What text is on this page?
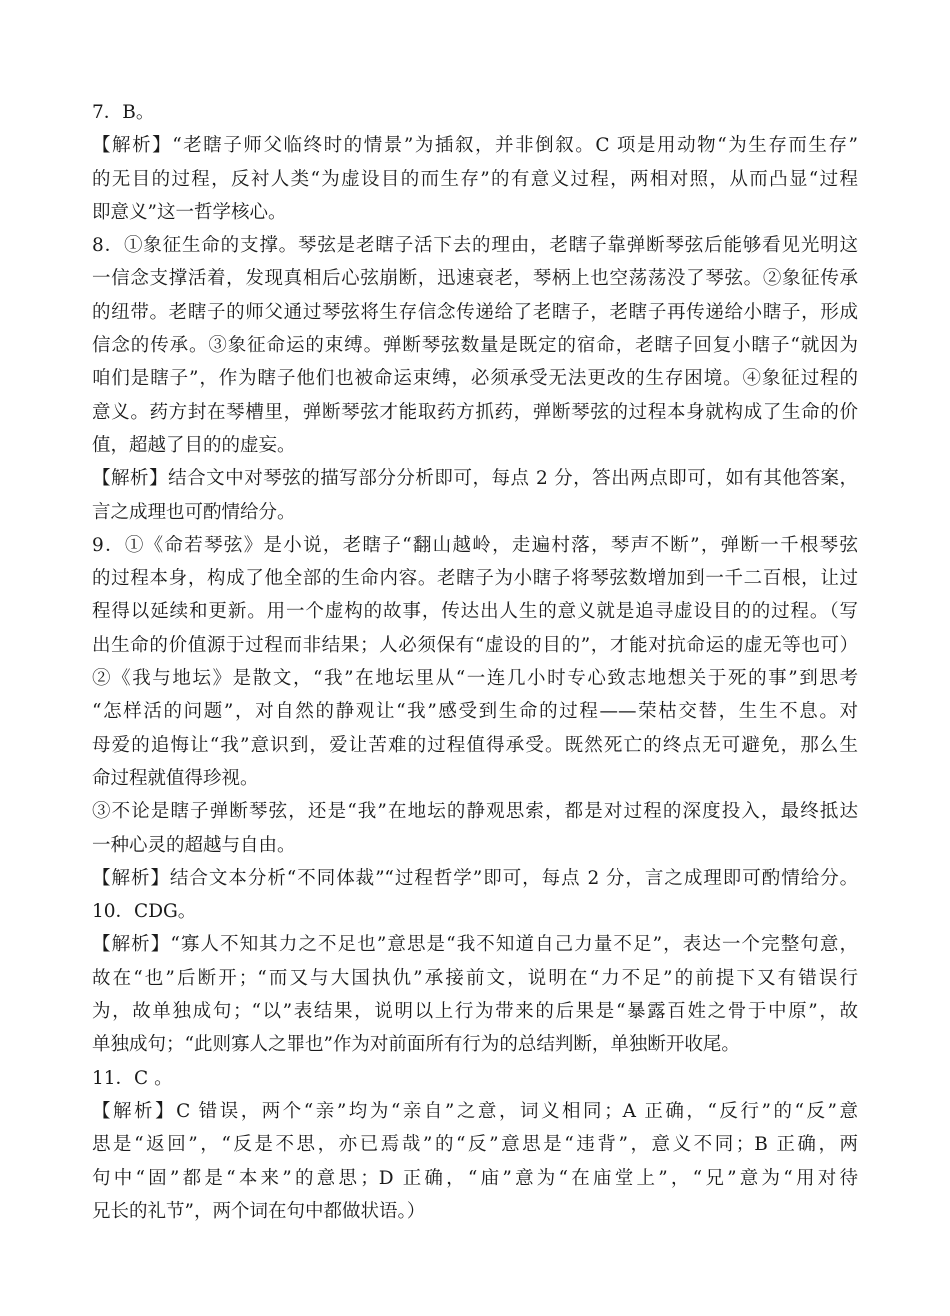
7．B。
【解析】“老瞎子师父临终时的情景”为插叙，并非倒叙。C 项是用动物“为生存而生存”
的无目的过程，反衬人类“为虚设目的而生存”的有意义过程，两相对照，从而凸显“过程
即意义”这一哲学核心。
8．①象征生命的支撑。琴弦是老瞎子活下去的理由，老瞎子靠弹断琴弦后能够看见光明这
一信念支撑活着，发现真相后心弦崩断，迅速衰老，琴柄上也空荡荡没了琴弦。②象征传承
的纽带。老瞎子的师父通过琴弦将生存信念传递给了老瞎子，老瞎子再传递给小瞎子，形成
信念的传承。③象征命运的束缚。弹断琴弦数量是既定的宿命，老瞎子回复小瞎子“就因为
咱们是瞎子”，作为瞎子他们也被命运束缚，必须承受无法更改的生存困境。④象征过程的
意义。药方封在琴槽里，弹断琴弦才能取药方抓药，弹断琴弦的过程本身就构成了生命的价
值，超越了目的的虚妄。
【解析】结合文中对琴弦的描写部分分析即可，每点 2 分，答出两点即可，如有其他答案，
言之成理也可酌情给分。
9．①《命若琴弦》是小说，老瞎子“翻山越岭，走遍村落，琴声不断”，弹断一千根琴弦
的过程本身，构成了他全部的生命内容。老瞎子为小瞎子将琴弦数增加到一千二百根，让过
程得以延续和更新。用一个虚构的故事，传达出人生的意义就是追寻虚设目的的过程。（写
出生命的价值源于过程而非结果；人必须保有“虚设的目的”，才能对抗命运的虚无等也可）
②《我与地坛》是散文，“我”在地坛里从“一连几小时专心致志地想关于死的事”到思考
“怎样活的问题”，对自然的静观让“我”感受到生命的过程——荣枯交替，生生不息。对
母爱的追悔让“我”意识到，爱让苦难的过程值得承受。既然死亡的终点无可避免，那么生
命过程就值得珍视。
③不论是瞎子弹断琴弦，还是“我”在地坛的静观思索，都是对过程的深度投入，最终抵达
一种心灵的超越与自由。
【解析】结合文本分析“不同体裁”“过程哲学”即可，每点 2 分，言之成理即可酌情给分。
10．CDG。
【解析】“寡人不知其力之不足也”意思是“我不知道自己力量不足”，表达一个完整句意，
故在“也”后断开；“而又与大国执仇”承接前文，说明在“力不足”的前提下又有错误行
为，故单独成句；“以”表结果，说明以上行为带来的后果是“暴露百姓之骨于中原”，故
单独成句；“此则寡人之罪也”作为对前面所有行为的总结判断，单独断开收尾。
11．C 。
【解析】C 错误，两个“亲”均为“亲自”之意，词义相同；A 正确，“反行”的“反”意
思是“返回”，“反是不思，亦已焉哉”的“反”意思是“违背”，意义不同；B 正确，两
句中“固”都是“本来”的意思；D 正确，“庙”意为“在庙堂上”，“兄”意为“用对待
兄长的礼节”，两个词在句中都做状语。）
